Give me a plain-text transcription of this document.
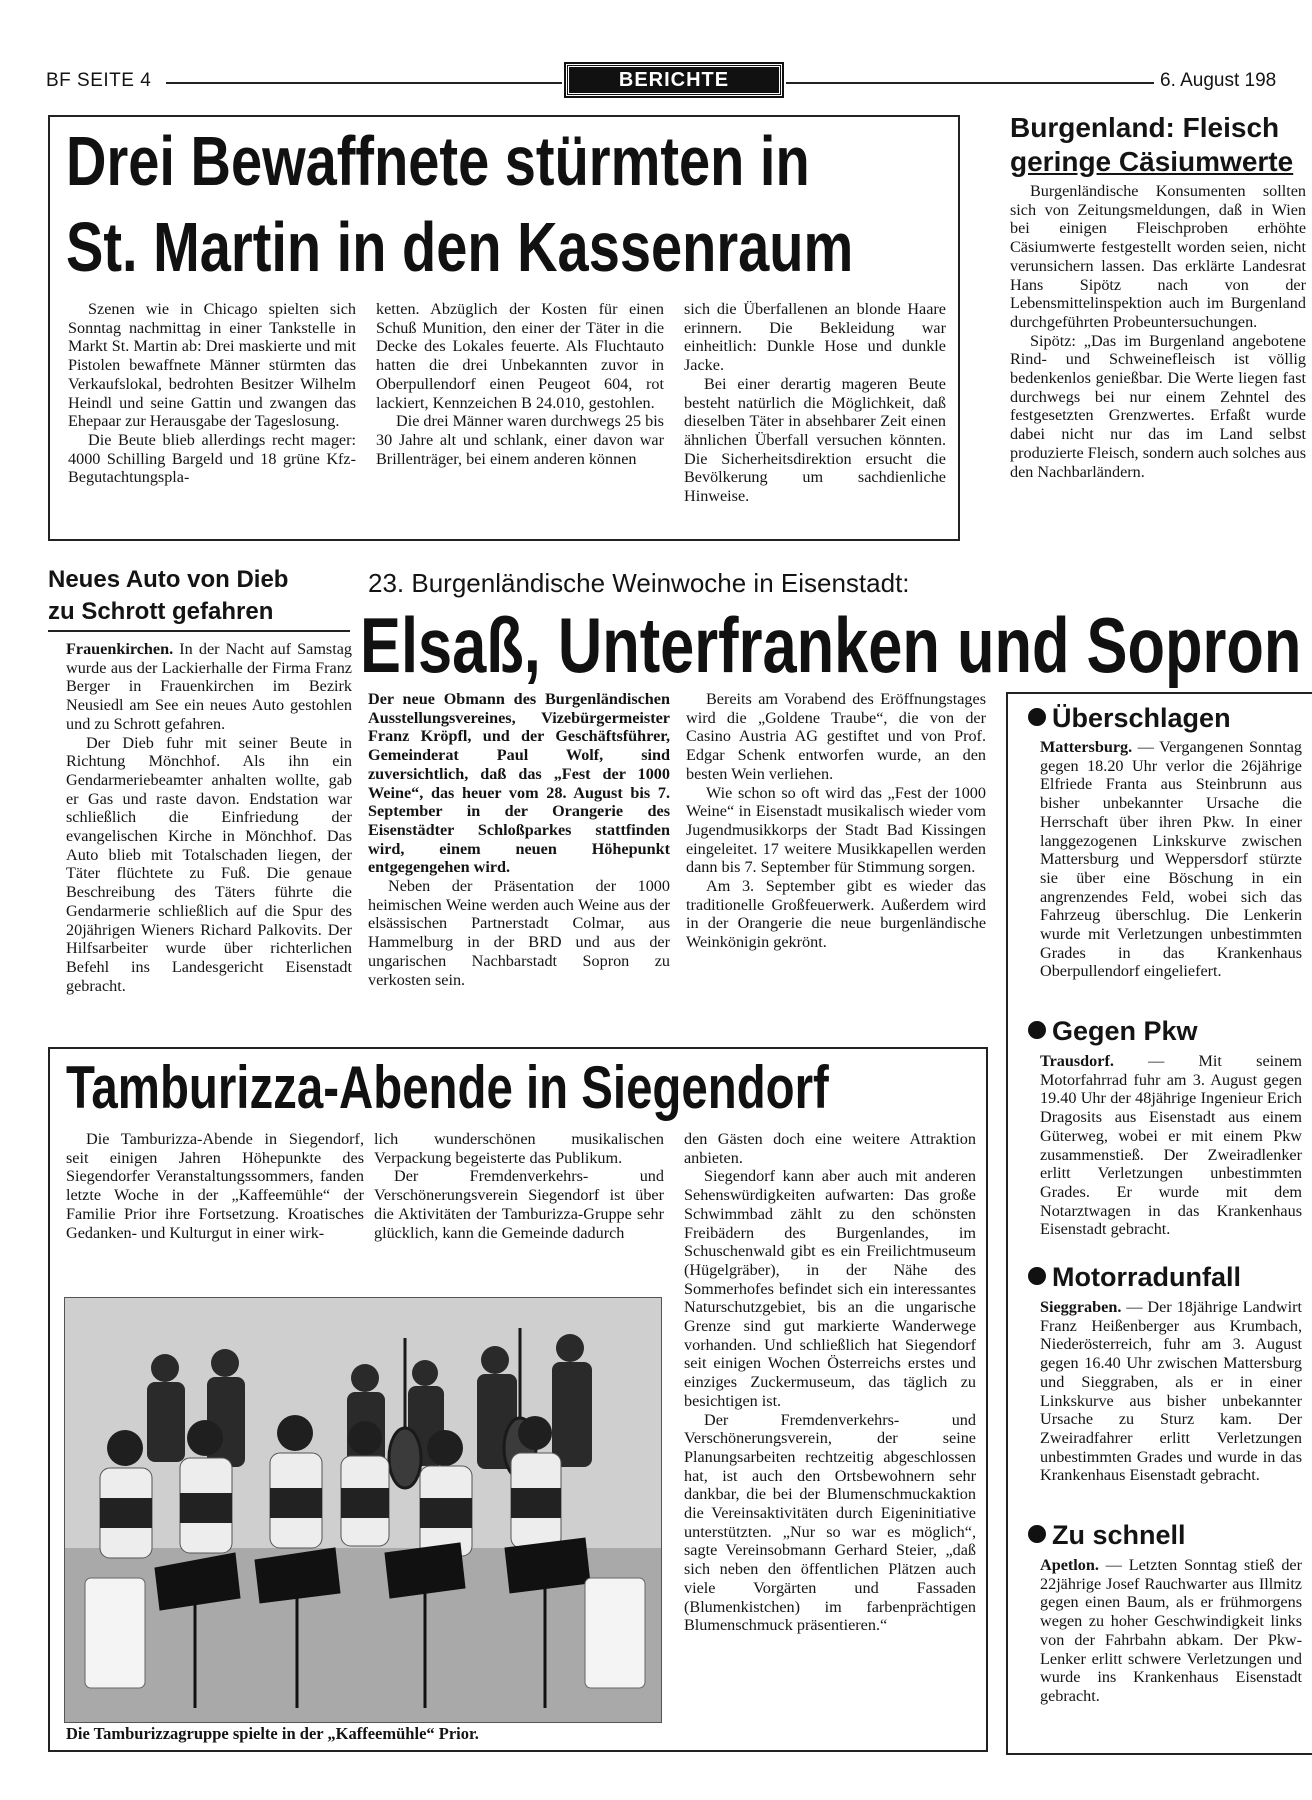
BF SEITE 4	BERICHTE	6. August 198
Drei Bewaffnete stürmten in
St. Martin in den Kassenraum

Szenen wie in Chicago spielten sich Sonntag nachmittag in einer Tankstelle in Markt St. Martin ab: Drei maskierte und mit Pistolen bewaffnete Männer stürmten das Verkaufslokal, bedrohten Besitzer Wilhelm Heindl und seine Gattin und zwangen das Ehepaar zur Herausgabe der Tageslosung.

Die Beute blieb allerdings recht mager: 4000 Schilling Bargeld und 18 grüne Kfz-Begutachtungspla-

ketten. Abzüglich der Kosten für einen Schuß Munition, den einer der Täter in die Decke des Lokales feuerte. Als Fluchtauto hatten die drei Unbekannten zuvor in Oberpullendorf einen Peugeot 604, rot lackiert, Kennzeichen B 24.010, gestohlen.

Die drei Männer waren durchwegs 25 bis 30 Jahre alt und schlank, einer davon war Brillenträger, bei einem anderen können

sich die Überfallenen an blonde Haare erinnern. Die Bekleidung war einheitlich: Dunkle Hose und dunkle Jacke.

Bei einer derartig mageren Beute besteht natürlich die Möglichkeit, daß dieselben Täter in absehbarer Zeit einen ähnlichen Überfall versuchen könnten. Die Sicherheitsdirektion ersucht die Bevölkerung um sachdienliche Hinweise.

Burgenland: Fleisch
geringe Cäsiumwerte

Burgenländische Konsumenten sollten sich von Zeitungsmeldungen, daß in Wien bei einigen Fleischproben erhöhte Cäsiumwerte festgestellt worden seien, nicht verunsichern lassen. Das erklärte Landesrat Hans Sipötz nach von der Lebensmittelinspektion auch im Burgenland durchgeführten Probeuntersuchungen.

Sipötz: „Das im Burgenland angebotene Rind- und Schweinefleisch ist völlig bedenkenlos genießbar. Die Werte liegen fast durchwegs bei nur einem Zehntel des festgesetzten Grenzwertes. Erfaßt wurde dabei nicht nur das im Land selbst produzierte Fleisch, sondern auch solches aus den Nachbarländern.

Neues Auto von Dieb
zu Schrott gefahren

Frauenkirchen. In der Nacht auf Samstag wurde aus der Lackierhalle der Firma Franz Berger in Frauenkirchen im Bezirk Neusiedl am See ein neues Auto gestohlen und zu Schrott gefahren.

Der Dieb fuhr mit seiner Beute in Richtung Mönchhof. Als ihn ein Gendarmeriebeamter anhalten wollte, gab er Gas und raste davon. Endstation war schließlich die Einfriedung der evangelischen Kirche in Mönchhof. Das Auto blieb mit Totalschaden liegen, der Täter flüchtete zu Fuß. Die genaue Beschreibung des Täters führte die Gendarmerie schließlich auf die Spur des 20jährigen Wieners Richard Palkovits. Der Hilfsarbeiter wurde über richterlichen Befehl ins Landesgericht Eisenstadt gebracht.

23. Burgenländische Weinwoche in Eisenstadt:
Elsaß, Unterfranken und Sopron

Der neue Obmann des Burgenländischen Ausstellungsvereines, Vizebürgermeister Franz Kröpfl, und der Geschäftsführer, Gemeinderat Paul Wolf, sind zuversichtlich, daß das „Fest der 1000 Weine“, das heuer vom 28. August bis 7. September in der Orangerie des Eisenstädter Schloßparkes stattfinden wird, einem neuen Höhepunkt entgegengehen wird.

Neben der Präsentation der 1000 heimischen Weine werden auch Weine aus der elsässischen Partnerstadt Colmar, aus Hammelburg in der BRD und aus der ungarischen Nachbarstadt Sopron zu verkosten sein.

Bereits am Vorabend des Eröffnungstages wird die „Goldene Traube“, die von der Casino Austria AG gestiftet und von Prof. Edgar Schenk entworfen wurde, an den besten Wein verliehen.

Wie schon so oft wird das „Fest der 1000 Weine“ in Eisenstadt musikalisch wieder vom Jugendmusikkorps der Stadt Bad Kissingen eingeleitet. 17 weitere Musikkapellen werden dann bis 7. September für Stimmung sorgen.

Am 3. September gibt es wieder das traditionelle Großfeuerwerk. Außerdem wird in der Orangerie die neue burgenländische Weinkönigin gekrönt.

Überschlagen

Mattersburg. — Vergangenen Sonntag gegen 18.20 Uhr verlor die 26jährige Elfriede Franta aus Steinbrunn aus bisher unbekannter Ursache die Herrschaft über ihren Pkw. In einer langgezogenen Linkskurve zwischen Mattersburg und Weppersdorf stürzte sie über eine Böschung in ein angrenzendes Feld, wobei sich das Fahrzeug überschlug. Die Lenkerin wurde mit Verletzungen unbestimmten Grades in das Krankenhaus Oberpullendorf eingeliefert.

Gegen Pkw

Trausdorf. — Mit seinem Motorfahrrad fuhr am 3. August gegen 19.40 Uhr der 48jährige Ingenieur Erich Dragosits aus Eisenstadt aus einem Güterweg, wobei er mit einem Pkw zusammenstieß. Der Zweiradlenker erlitt Verletzungen unbestimmten Grades. Er wurde mit dem Notarztwagen in das Krankenhaus Eisenstadt gebracht.

Motorradunfall

Sieggraben. — Der 18jährige Landwirt Franz Heißenberger aus Krumbach, Niederösterreich, fuhr am 3. August gegen 16.40 Uhr zwischen Mattersburg und Sieggraben, als er in einer Linkskurve aus bisher unbekannter Ursache zu Sturz kam. Der Zweiradfahrer erlitt Verletzungen unbestimmten Grades und wurde in das Krankenhaus Eisenstadt gebracht.

Zu schnell

Apetlon. — Letzten Sonntag stieß der 22jährige Josef Rauchwarter aus Illmitz gegen einen Baum, als er frühmorgens wegen zu hoher Geschwindigkeit links von der Fahrbahn abkam. Der Pkw-Lenker erlitt schwere Verletzungen und wurde ins Krankenhaus Eisenstadt gebracht.

Tamburizza-Abende in Siegendorf

Die Tamburizza-Abende in Siegendorf, seit einigen Jahren Höhepunkte des Siegendorfer Veranstaltungssommers, fanden letzte Woche in der „Kaffeemühle“ der Familie Prior ihre Fortsetzung. Kroatisches Gedanken- und Kulturgut in einer wirk-

lich wunderschönen musikalischen Verpackung begeisterte das Publikum.

Der Fremdenverkehrs- und Verschönerungsverein Siegendorf ist über die Aktivitäten der Tamburizza-Gruppe sehr glücklich, kann die Gemeinde dadurch

den Gästen doch eine weitere Attraktion anbieten.

Siegendorf kann aber auch mit anderen Sehenswürdigkeiten aufwarten: Das große Schwimmbad zählt zu den schönsten Freibädern des Burgenlandes, im Schuschenwald gibt es ein Freilichtmuseum (Hügelgräber), in der Nähe des Sommerhofes befindet sich ein interessantes Naturschutzgebiet, bis an die ungarische Grenze sind gut markierte Wanderwege vorhanden. Und schließlich hat Siegendorf seit einigen Wochen Österreichs erstes und einziges Zuckermuseum, das täglich zu besichtigen ist.

Der Fremdenverkehrs- und Verschönerungsverein, der seine Planungsarbeiten rechtzeitig abgeschlossen hat, ist auch den Ortsbewohnern sehr dankbar, die bei der Blumenschmuckaktion die Vereinsaktivitäten durch Eigeninitiative unterstützten. „Nur so war es möglich“, sagte Vereinsobmann Gerhard Steier, „daß sich neben den öffentlichen Plätzen auch viele Vorgärten und Fassaden (Blumenkistchen) im farbenprächtigen Blumenschmuck präsentieren.“

Die Tamburizzagruppe spielte in der „Kaffeemühle“ Prior.
